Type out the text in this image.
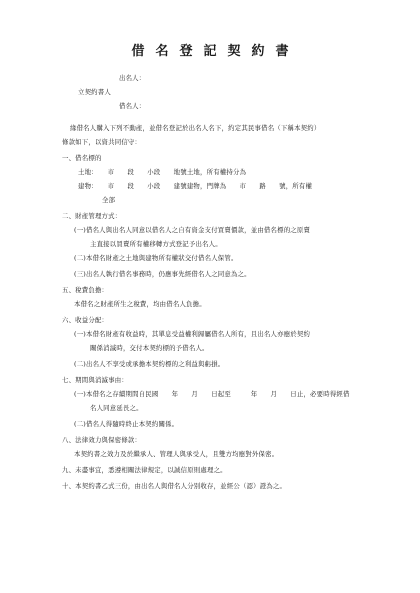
借名登記契約書
出名人：
立契約書人
借名人：
緣借名人購入下列不動產，並借名登記於出名人名下，約定其民事借名（下稱本契約）
條款如下，以資共同信守：
一、借名標的
土地：　　市　　段　　小段　　地號土地，所有權持分為
建物：　　市　　段　　小段　　建號建物，門牌為　　市　　路　　號，所有權
全部
二、財產管理方式：
(一)借名人與出名人同意以借名人之自有資金支付買賣價款，並由借名標的之原賣
主直接以買賣所有權移轉方式登記予出名人。
(二)本借名財產之土地與建物所有權狀交付借名人保管。
(三)出名人執行借名事務時，仍應事先經借名人之同意為之。
五、稅費負擔：
本借名之財產所生之稅費，均由借名人負擔。
六、收益分配：
(一)本借名財產有收益時，其單息受益權利歸屬借名人所有，且出名人亦應於契約
關係消滅時，交付本契約標的予借名人。
(二)出名人不享受或承擔本契約標的之利益與虧損。
七、期間與消滅事由：
(一)本借名之存續期間自民國　　年　　月　　日起至　　　年　　月　　日止，必要時得經借
名人同意延長之。
(二)借名人得隨時終止本契約關係。
八、法律效力與保密條款：
本契約書之效力及於繼承人、管理人與承受人，且雙方均應對外保密。
九、未盡事宜，悉遵相關法律規定，以誠信原則處理之。
十、本契約書乙式三份，由出名人與借名人分別收存，並經公（認）證為之。
